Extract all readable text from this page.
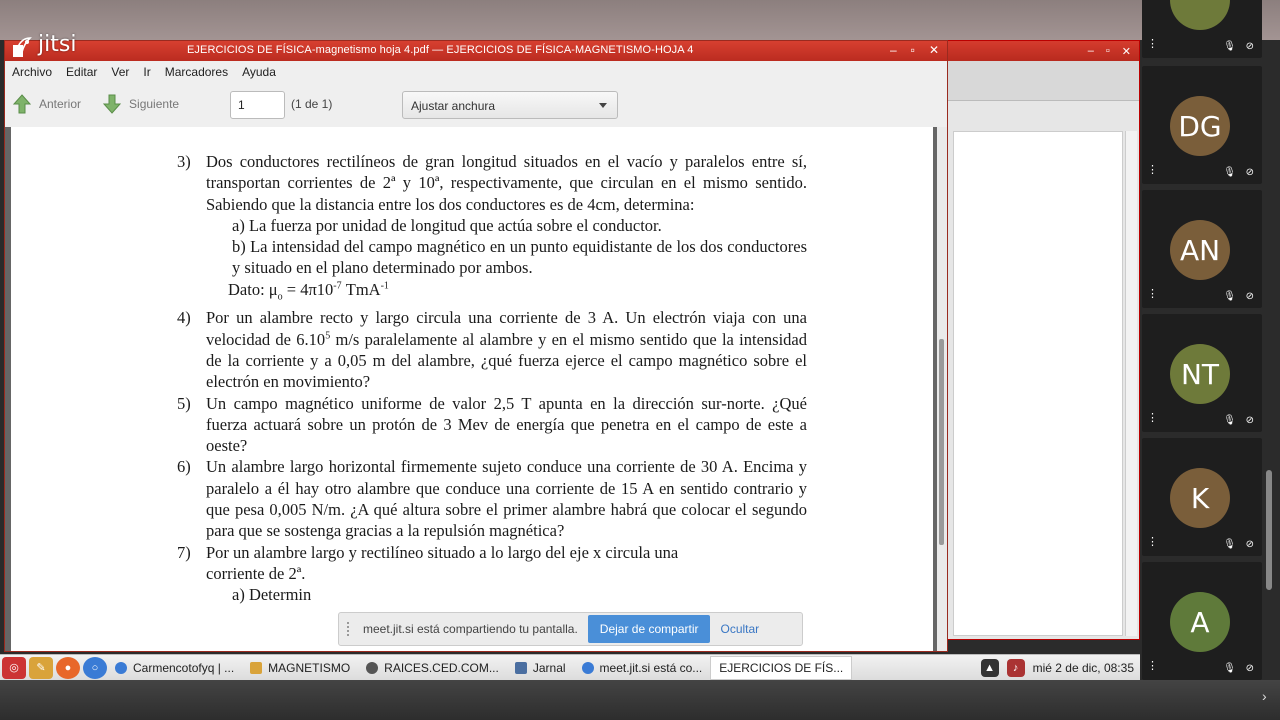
jitsi	‒ ▫ ✕
EJERCICIOS DE FÍSICA-magnetismo hoja 4.pdf — EJERCICIOS DE FÍSICA-MAGNETISMO-HOJA 4	‒ ▫ ✕
Archivo Editar Ver Ir Marcadores Ayuda
Anterior	Siguiente	1	(1 de 1)	Ajustar anchura
3) Dos conductores rectilíneos de gran longitud situados en el vacío y paralelos entre sí, transportan corrientes de 2ª y 10ª, respectivamente, que circulan en el mismo sentido. Sabiendo que la distancia entre los dos conductores es de 4cm, determina:
a) La fuerza por unidad de longitud que actúa sobre el conductor.
b) La intensidad del campo magnético en un punto equidistante de los dos conductores y situado en el plano determinado por ambos.
Dato: $\mu_o = 4\pi 10^{-7}$ TmA$^{-1}$
4) Por un alambre recto y largo circula una corriente de 3 A. Un electrón viaja con una velocidad de 6.10$^5$ m/s paralelamente al alambre y en el mismo sentido que la intensidad de la corriente y a 0,05 m del alambre, ¿qué fuerza ejerce el campo magnético sobre el electrón en movimiento?
5) Un campo magnético uniforme de valor 2,5 T apunta en la dirección sur-norte. ¿Qué fuerza actuará sobre un protón de 3 Mev de energía que penetra en el campo de este a oeste?
6) Un alambre largo horizontal firmemente sujeto conduce una corriente de 30 A. Encima y paralelo a él hay otro alambre que conduce una corriente de 15 A en sentido contrario y que pesa 0,005 N/m. ¿A qué altura sobre el primer alambre habrá que colocar el segundo para que se sostenga gracias a la repulsión magnética?
7) Por un alambre largo y rectilíneo situado a lo largo del eje x circula una corriente de 2ª.
a) Determin
meet.jit.si está compartiendo tu pantalla.	Dejar de compartir	Ocultar
◎	✎	●	○	Carmencotofyq | ...	MAGNETISMO	RAICES.CED.COM...	Jarnal	meet.jit.si está co... EJERCICIOS DE FÍS...	▲	♪	mié 2 de dic, 08:35
⋮	🎙 ⊘
DG
⋮	🎙 ⊘
AN
⋮	🎙 ⊘
NT
⋮	🎙 ⊘
K
⋮	🎙 ⊘
A
⋮	🎙 ⊘
›
